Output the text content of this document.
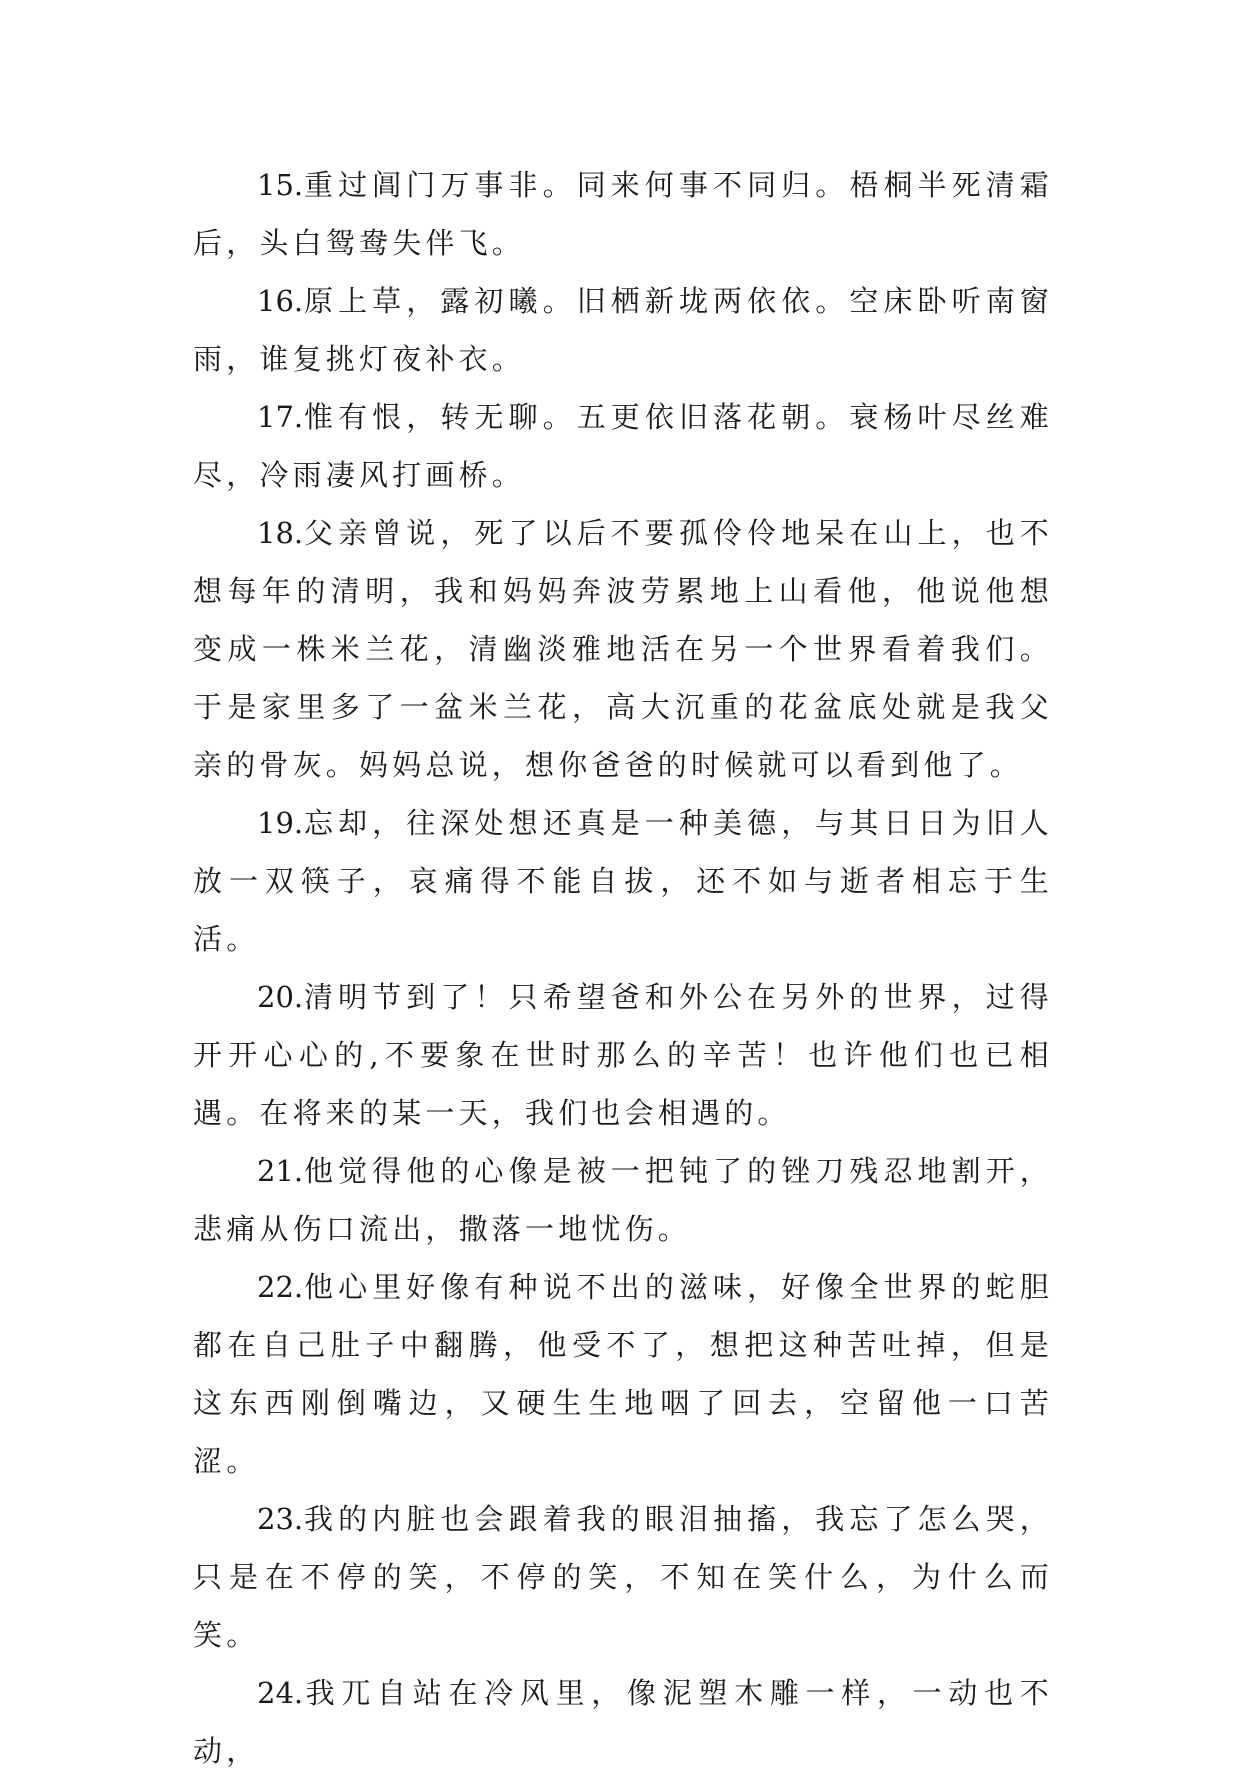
15.重过阊门万事非。同来何事不同归。梧桐半死清霜后，头白鸳鸯失伴飞。

16.原上草，露初曦。旧栖新垅两依依。空床卧听南窗雨，谁复挑灯夜补衣。

17.惟有恨，转无聊。五更依旧落花朝。衰杨叶尽丝难尽，冷雨凄风打画桥。

18.父亲曾说，死了以后不要孤伶伶地呆在山上，也不想每年的清明，我和妈妈奔波劳累地上山看他，他说他想变成一株米兰花，清幽淡雅地活在另一个世界看着我们。于是家里多了一盆米兰花，高大沉重的花盆底处就是我父亲的骨灰。妈妈总说，想你爸爸的时候就可以看到他了。

19.忘却，往深处想还真是一种美德，与其日日为旧人放一双筷子，哀痛得不能自拔，还不如与逝者相忘于生活。

20.清明节到了！只希望爸和外公在另外的世界，过得开开心心的,不要象在世时那么的辛苦！也许他们也已相遇。在将来的某一天，我们也会相遇的。

21.他觉得他的心像是被一把钝了的锉刀残忍地割开，悲痛从伤口流出，撒落一地忧伤。

22.他心里好像有种说不出的滋味，好像全世界的蛇胆都在自己肚子中翻腾，他受不了，想把这种苦吐掉，但是这东西刚倒嘴边，又硬生生地咽了回去，空留他一口苦涩。

23.我的内脏也会跟着我的眼泪抽搐，我忘了怎么哭，只是在不停的笑，不停的笑，不知在笑什么，为什么而笑。

24.我兀自站在冷风里，像泥塑木雕一样，一动也不动，
